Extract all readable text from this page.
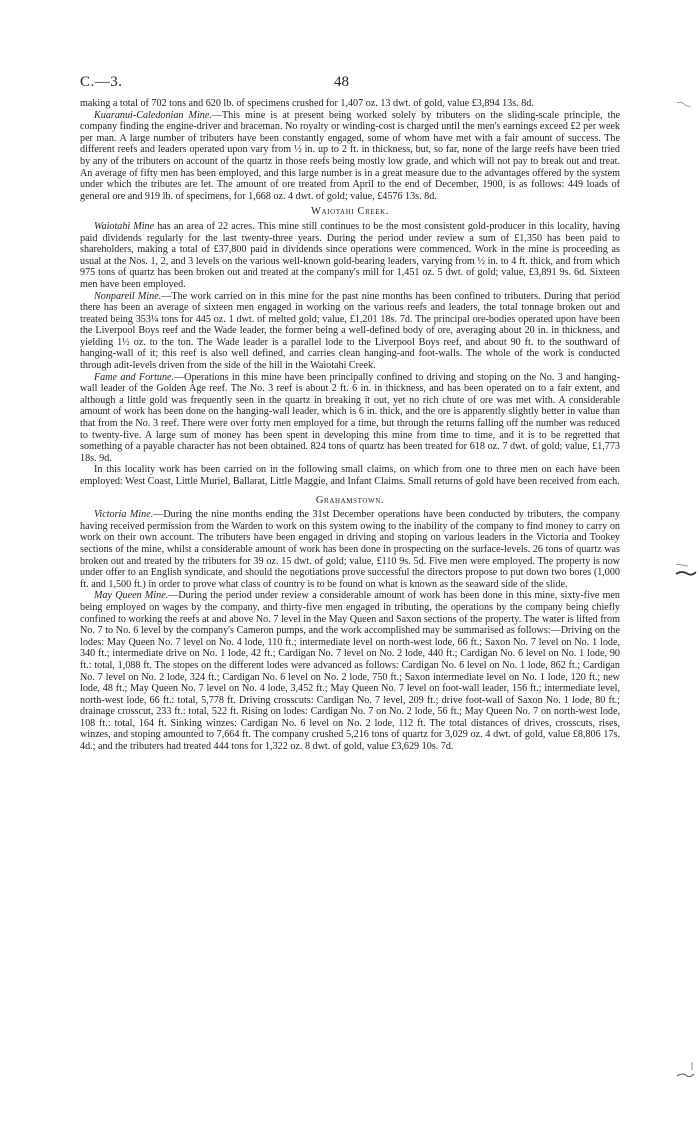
C.—3.	48

making a total of 702 tons and 620 lb. of specimens crushed for 1,407 oz. 13 dwt. of gold, value £3,894 13s. 8d.

Kuaranui-Caledonian Mine.—This mine is at present being worked solely by tributers on the sliding-scale principle, the company finding the engine-driver and braceman. No royalty or winding-cost is charged until the men's earnings exceed £2 per week per man. A large number of tributers have been constantly engaged, some of whom have met with a fair amount of success. The different reefs and leaders operated upon vary from ½ in. up to 2 ft. in thickness, but, so far, none of the large reefs have been tried by any of the tributers on account of the quartz in those reefs being mostly low grade, and which will not pay to break out and treat. An average of fifty men has been employed, and this large number is in a great measure due to the advantages offered by the system under which the tributes are let. The amount of ore treated from April to the end of December, 1900, is as follows: 449 loads of general ore and 919 lb. of specimens, for 1,668 oz. 4 dwt. of gold; value, £4576 13s. 8d.

Waiotahi Creek.

Waiotahi Mine has an area of 22 acres. This mine still continues to be the most consistent gold-producer in this locality, having paid dividends regularly for the last twenty-three years. During the period under review a sum of £1,350 has been paid to shareholders, making a total of £37,800 paid in dividends since operations were commenced. Work in the mine is proceeding as usual at the Nos. 1, 2, and 3 levels on the various well-known gold-bearing leaders, varying from ½ in. to 4 ft. thick, and from which 975 tons of quartz has been broken out and treated at the company's mill for 1,451 oz. 5 dwt. of gold; value, £3,891 9s. 6d. Sixteen men have been employed.

Nonpareil Mine.—The work carried on in this mine for the past nine months has been confined to tributers. During that period there has been an average of sixteen men engaged in working on the various reefs and leaders, the total tonnage broken out and treated being 353¼ tons for 445 oz. 1 dwt. of melted gold; value, £1,201 18s. 7d. The principal ore-bodies operated upon have been the Liverpool Boys reef and the Wade leader, the former being a well-defined body of ore, averaging about 20 in. in thickness, and yielding 1½ oz. to the ton. The Wade leader is a parallel lode to the Liverpool Boys reef, and about 90 ft. to the southward of hanging-wall of it; this reef is also well defined, and carries clean hanging-and foot-walls. The whole of the work is conducted through adit-levels driven from the side of the hill in the Waiotahi Creek.

Fame and Fortune.—Operations in this mine have been principally confined to driving and stoping on the No. 3 and hanging-wall leader of the Golden Age reef. The No. 3 reef is about 2 ft. 6 in. in thickness, and has been operated on to a fair extent, and although a little gold was frequently seen in the quartz in breaking it out, yet no rich chute of ore was met with. A considerable amount of work has been done on the hanging-wall leader, which is 6 in. thick, and the ore is apparently slightly better in value than that from the No. 3 reef. There were over forty men employed for a time, but through the returns falling off the number was reduced to twenty-five. A large sum of money has been spent in developing this mine from time to time, and it is to be regretted that something of a payable character has not been obtained. 824 tons of quartz has been treated for 618 oz. 7 dwt. of gold; value, £1,773 18s. 9d.

In this locality work has been carried on in the following small claims, on which from one to three men on each have been employed: West Coast, Little Muriel, Ballarat, Little Maggie, and Infant Claims. Small returns of gold have been received from each.

Grahamstown.

Victoria Mine.—During the nine months ending the 31st December operations have been conducted by tributers, the company having received permission from the Warden to work on this system owing to the inability of the company to find money to carry on work on their own account. The tributers have been engaged in driving and stoping on various leaders in the Victoria and Tookey sections of the mine, whilst a considerable amount of work has been done in prospecting on the surface-levels. 26 tons of quartz was broken out and treated by the tributers for 39 oz. 15 dwt. of gold; value, £110 9s. 5d. Five men were employed. The property is now under offer to an English syndicate, and should the negotiations prove successful the directors propose to put down two bores (1,000 ft. and 1,500 ft.) in order to prove what class of country is to be found on what is known as the seaward side of the slide.

May Queen Mine.—During the period under review a considerable amount of work has been done in this mine, sixty-five men being employed on wages by the company, and thirty-five men engaged in tributing, the operations by the company being chiefly confined to working the reefs at and above No. 7 level in the May Queen and Saxon sections of the property. The water is lifted from No. 7 to No. 6 level by the company's Cameron pumps, and the work accomplished may be summarised as follows:—Driving on the lodes: May Queen No. 7 level on No. 4 lode, 110 ft.; intermediate level on north-west lode, 66 ft.; Saxon No. 7 level on No. 1 lode, 340 ft.; intermediate drive on No. 1 lode, 42 ft.; Cardigan No. 7 level on No. 2 lode, 440 ft.; Cardigan No. 6 level on No. 1 lode, 90 ft.: total, 1,088 ft. The stopes on the different lodes were advanced as follows: Cardigan No. 6 level on No. 1 lode, 862 ft.; Cardigan No. 7 level on No. 2 lode, 324 ft.; Cardigan No. 6 level on No. 2 lode, 750 ft.; Saxon intermediate level on No. 1 lode, 120 ft.; new lode, 48 ft.; May Queen No. 7 level on No. 4 lode, 3,452 ft.; May Queen No. 7 level on foot-wall leader, 156 ft.; intermediate level, north-west lode, 66 ft.: total, 5,778 ft. Driving crosscuts: Cardigan No. 7 level, 209 ft.; drive foot-wall of Saxon No. 1 lode, 80 ft.; drainage crosscut, 233 ft.: total, 522 ft. Rising on lodes: Cardigan No. 7 on No. 2 lode, 56 ft.; May Queen No. 7 on north-west lode, 108 ft.: total, 164 ft. Sinking winzes: Cardigan No. 6 level on No. 2 lode, 112 ft. The total distances of drives, crosscuts, rises, winzes, and stoping amounted to 7,664 ft. The company crushed 5,216 tons of quartz for 3,029 oz. 4 dwt. of gold, value £8,806 17s. 4d.; and the tributers had treated 444 tons for 1,322 oz. 8 dwt. of gold, value £3,629 10s. 7d.
